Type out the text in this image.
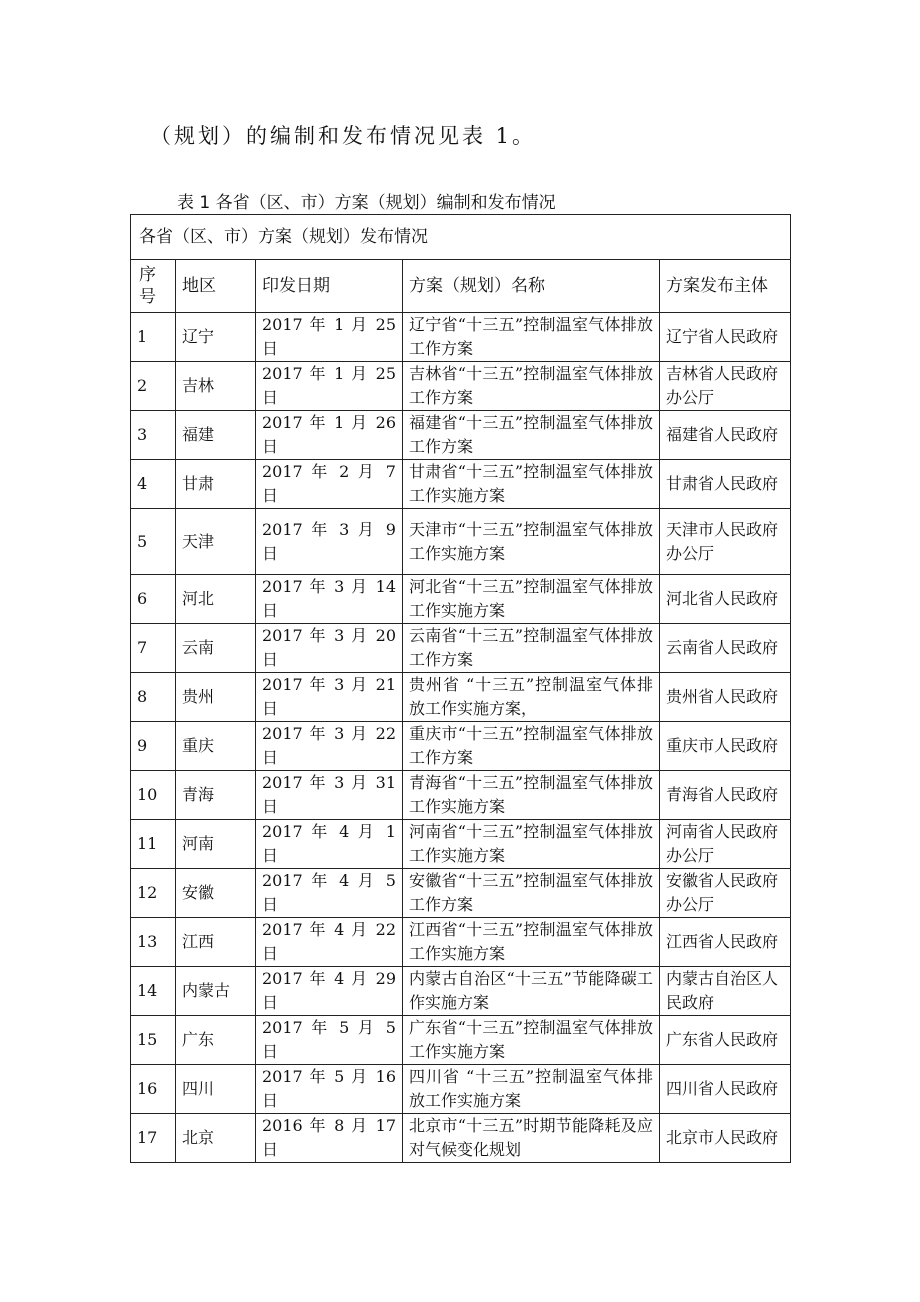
（规划）的编制和发布情况见表 1。
表 1 各省（区、市）方案（规划）编制和发布情况
各省（区、市）方案（规划）发布情况				
序号	地区	印发日期	方案（规划）名称	方案发布主体
1	辽宁	2017 年 1 月 25 日	辽宁省“十三五”控制温室气体排放工作方案	辽宁省人民政府
2	吉林	2017 年 1 月 25 日	吉林省“十三五”控制温室气体排放工作方案	吉林省人民政府办公厅
3	福建	2017 年 1 月 26 日	福建省“十三五”控制温室气体排放工作方案	福建省人民政府
4	甘肃	2017 年 2 月 7 日	甘肃省“十三五”控制温室气体排放工作实施方案	甘肃省人民政府
5	天津	2017 年 3 月 9 日	天津市“十三五”控制温室气体排放工作实施方案	天津市人民政府办公厅
6	河北	2017 年 3 月 14 日	河北省“十三五”控制温室气体排放工作实施方案	河北省人民政府
7	云南	2017 年 3 月 20 日	云南省“十三五”控制温室气体排放工作方案	云南省人民政府
8	贵州	2017 年 3 月 21 日	贵州省 “十三五”控制温室气体排放工作实施方案，	贵州省人民政府
9	重庆	2017 年 3 月 22 日	重庆市“十三五”控制温室气体排放工作方案	重庆市人民政府
10	青海	2017 年 3 月 31 日	青海省“十三五”控制温室气体排放工作实施方案	青海省人民政府
11	河南	2017 年 4 月 1 日	河南省“十三五”控制温室气体排放工作实施方案	河南省人民政府办公厅
12	安徽	2017 年 4 月 5 日	安徽省“十三五”控制温室气体排放工作方案	安徽省人民政府办公厅
13	江西	2017 年 4 月 22 日	江西省“十三五”控制温室气体排放工作实施方案	江西省人民政府
14	内蒙古	2017 年 4 月 29 日	内蒙古自治区“十三五”节能降碳工作实施方案	内蒙古自治区人民政府
15	广东	2017 年 5 月 5 日	广东省“十三五”控制温室气体排放工作实施方案	广东省人民政府
16	四川	2017 年 5 月 16 日	四川省 “十三五”控制温室气体排放工作实施方案	四川省人民政府
17	北京	2016 年 8 月 17 日	北京市“十三五”时期节能降耗及应对气候变化规划	北京市人民政府
